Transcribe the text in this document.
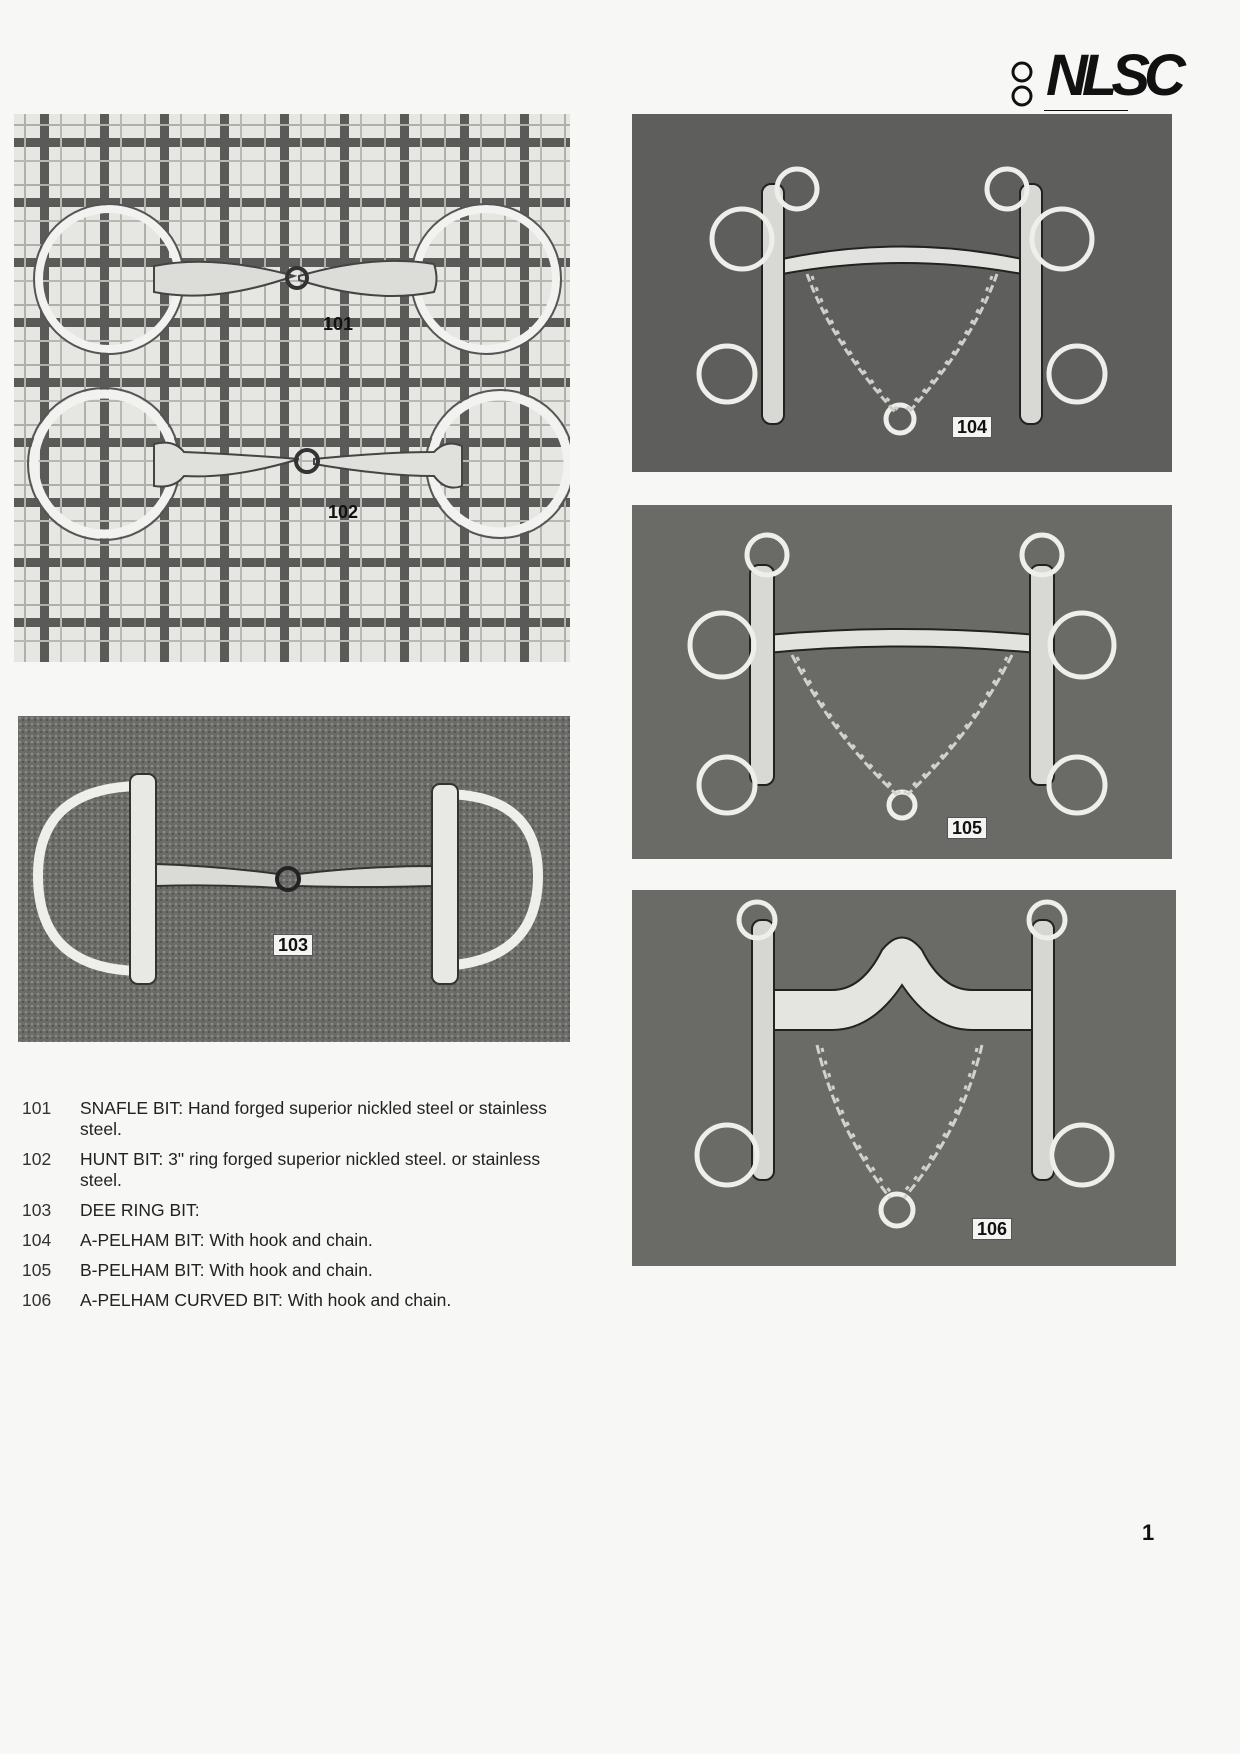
NLSC
101
102
103
104
105
106
101	SNAFLE BIT: Hand forged superior nickled steel or stainless steel.
102	HUNT BIT: 3" ring forged superior nickled steel. or stainless steel.
103	DEE RING BIT:
104	A-PELHAM BIT: With hook and chain.
105	B-PELHAM BIT: With hook and chain.
106	A-PELHAM CURVED BIT: With hook and chain.
1
